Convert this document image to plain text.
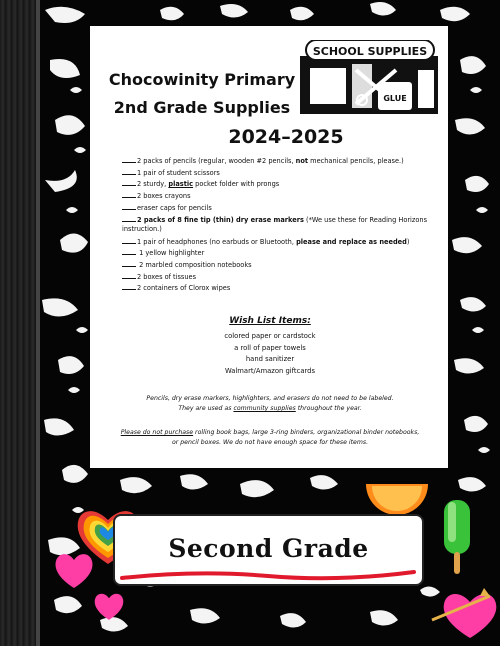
Chocowinity Primary
2nd Grade Supplies
2024–2025
SCHOOL SUPPLIES
GLUE
2 packs of pencils (regular, wooden #2 pencils, not mechanical pencils, please.)
1 pair of student scissors
2 sturdy, plastic pocket folder with prongs
2 boxes crayons
eraser caps for pencils
2 packs of 8 fine tip (thin) dry erase markers (*We use these for Reading Horizons instruction.)
1 pair of headphones (no earbuds or Bluetooth, please and replace as needed)
1 yellow highlighter
2 marbled composition notebooks
2 boxes of tissues
2 containers of Clorox wipes
Wish List Items:
colored paper or cardstock
a roll of paper towels
hand sanitizer
Walmart/Amazon giftcards
Pencils, dry erase markers, highlighters, and erasers do not need to be labeled.
They are used as community supplies throughout the year.
Please do not purchase rolling book bags, large 3-ring binders, organizational binder notebooks,
or pencil boxes. We do not have enough space for these items.
Second Grade
